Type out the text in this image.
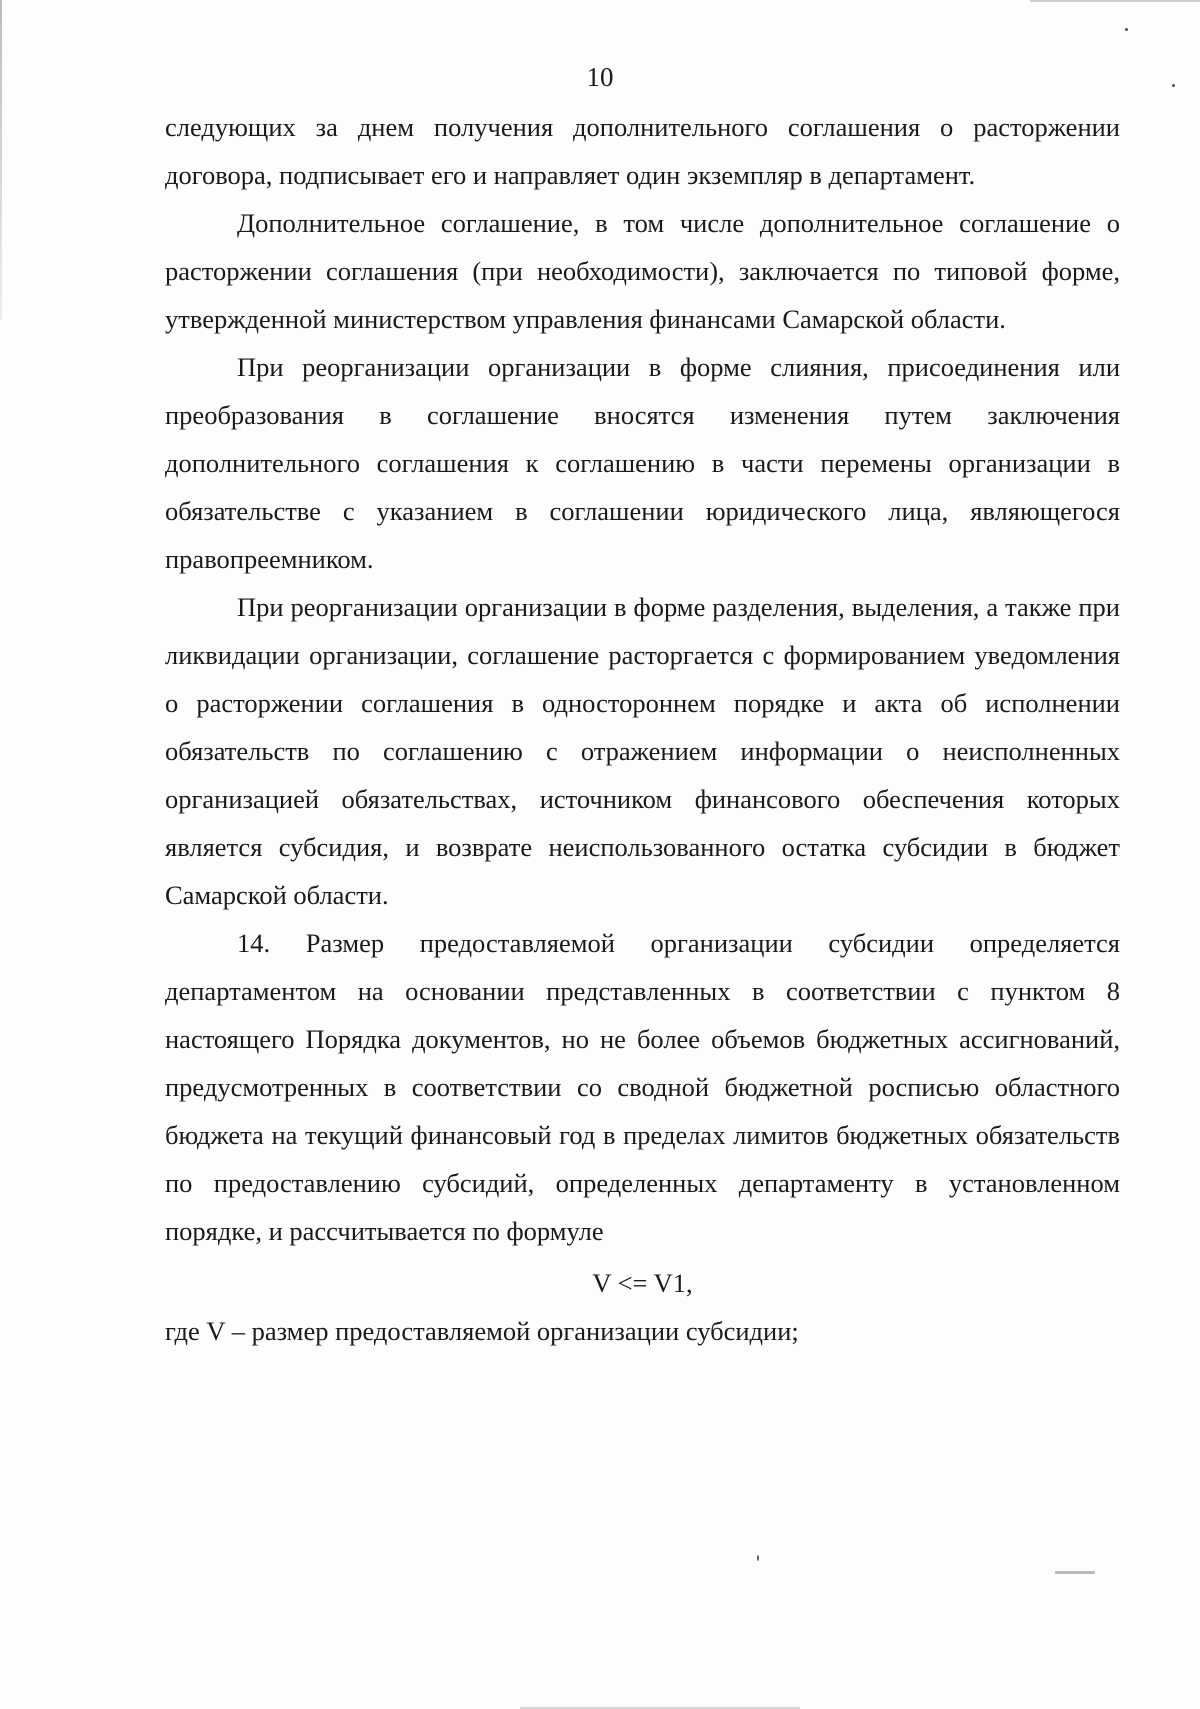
10

следующих за днем получения дополнительного соглашения о расторжении договора, подписывает его и направляет один экземпляр в департамент.

Дополнительное соглашение, в том числе дополнительное соглашение о расторжении соглашения (при необходимости), заключается по типовой форме, утвержденной министерством управления финансами Самарской области.

При реорганизации организации в форме слияния, присоединения или преобразования в соглашение вносятся изменения путем заключения дополнительного соглашения к соглашению в части перемены организации в обязательстве с указанием в соглашении юридического лица, являющегося правопреемником.

При реорганизации организации в форме разделения, выделения, а также при ликвидации организации, соглашение расторгается с формированием уведомления о расторжении соглашения в одностороннем порядке и акта об исполнении обязательств по соглашению с отражением информации о неисполненных организацией обязательствах, источником финансового обеспечения которых является субсидия, и возврате неиспользованного остатка субсидии в бюджет Самарской области.

14. Размер предоставляемой организации субсидии определяется департаментом на основании представленных в соответствии с пунктом 8 настоящего Порядка документов, но не более объемов бюджетных ассигнований, предусмотренных в соответствии со сводной бюджетной росписью областного бюджета на текущий финансовый год в пределах лимитов бюджетных обязательств по предоставлению субсидий, определенных департаменту в установленном порядке, и рассчитывается по формуле

V <= V1,

где V – размер предоставляемой организации субсидии;
